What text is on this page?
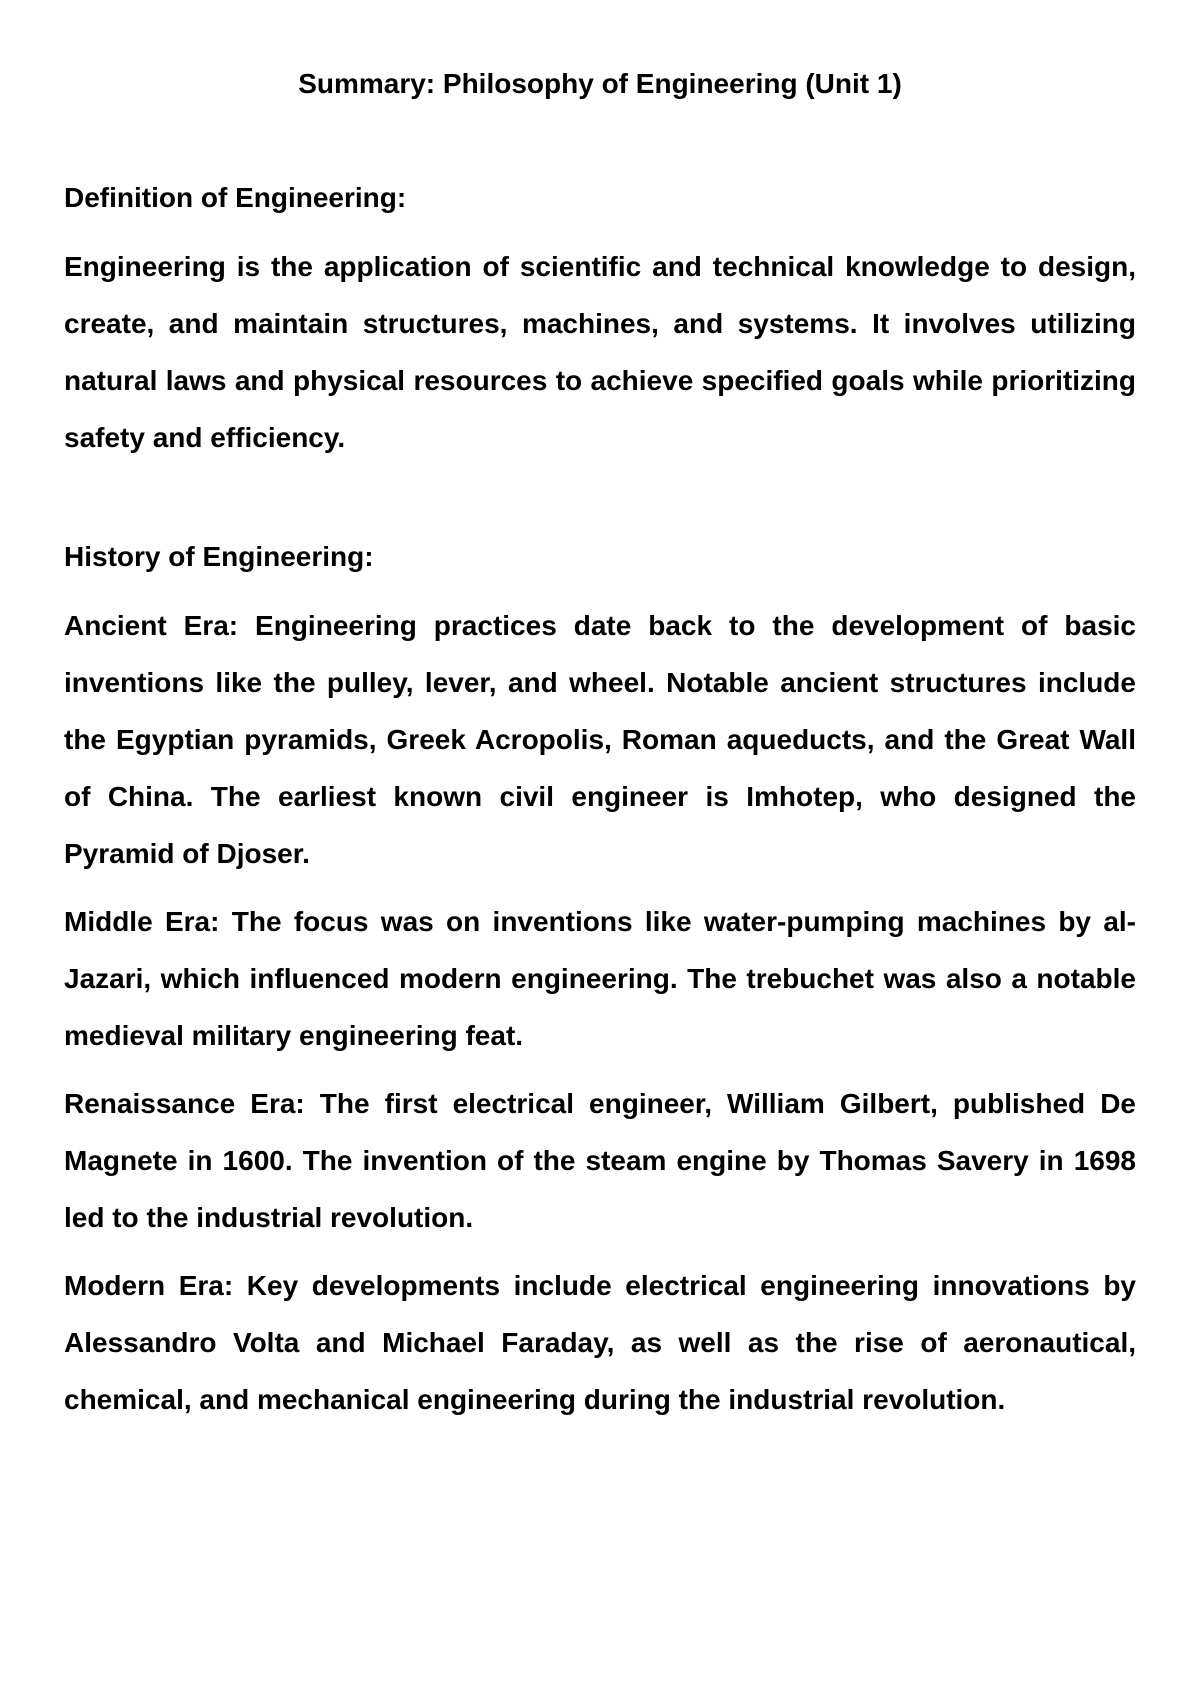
Summary: Philosophy of Engineering (Unit 1)
Definition of Engineering:

Engineering is the application of scientific and technical knowledge to design, create, and maintain structures, machines, and systems. It involves utilizing natural laws and physical resources to achieve specified goals while prioritizing safety and efficiency.

History of Engineering:

Ancient Era: Engineering practices date back to the development of basic inventions like the pulley, lever, and wheel. Notable ancient structures include the Egyptian pyramids, Greek Acropolis, Roman aqueducts, and the Great Wall of China. The earliest known civil engineer is Imhotep, who designed the Pyramid of Djoser.

Middle Era: The focus was on inventions like water-pumping machines by al-Jazari, which influenced modern engineering. The trebuchet was also a notable medieval military engineering feat.

Renaissance Era: The first electrical engineer, William Gilbert, published De Magnete in 1600. The invention of the steam engine by Thomas Savery in 1698 led to the industrial revolution.

Modern Era: Key developments include electrical engineering innovations by Alessandro Volta and Michael Faraday, as well as the rise of aeronautical, chemical, and mechanical engineering during the industrial revolution.
